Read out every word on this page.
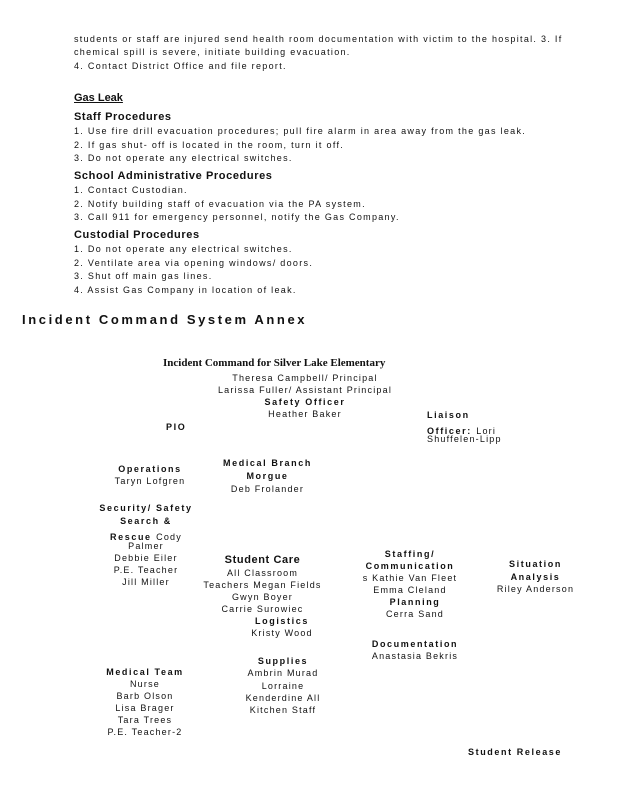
students or staff are injured send health room documentation with victim to the hospital. 3. If
chemical spill is severe, initiate building evacuation.
4. Contact District Office and file report.
Gas Leak
Staff Procedures
1. Use fire drill evacuation procedures; pull fire alarm in area away from the gas leak.
2. If gas shut- off is located in the room, turn it off.
3. Do not operate any electrical switches.
School Administrative Procedures
1. Contact Custodian.
2. Notify building staff of evacuation via the PA system.
3. Call 911 for emergency personnel, notify the Gas Company.
Custodial Procedures
1. Do not operate any electrical switches.
2. Ventilate area via opening windows/ doors.
3. Shut off main gas lines.
4. Assist Gas Company in location of leak.
Incident Command System Annex
Incident Command for Silver Lake Elementary
Theresa Campbell/ Principal
Larissa Fuller/ Assistant Principal
Safety Officer
Heather Baker	Liaison
Officer: Lori
Shuffelen-Lipp
PIO
Operations
Taryn Lofgren
Medical Branch
Morgue
Deb Frolander
Security/ Safety
Search &
Rescue Cody
Palmer
Debbie Eiler
P.E. Teacher
Jill Miller
Student Care
All Classroom
Teachers Megan Fields
Gwyn Boyer
Carrie Surowiec
Logistics
Kristy Wood
Staffing/
Communication
s Kathie Van Fleet
Emma Cleland
Planning
Cerra Sand
Situation
Analysis
Riley Anderson
Documentation
Anastasia Bekris
Medical Team
Nurse
Barb Olson
Lisa Brager
Tara Trees
P.E. Teacher-2
Supplies
Ambrin Murad
Lorraine
Kenderdine All
Kitchen Staff
Student Release
